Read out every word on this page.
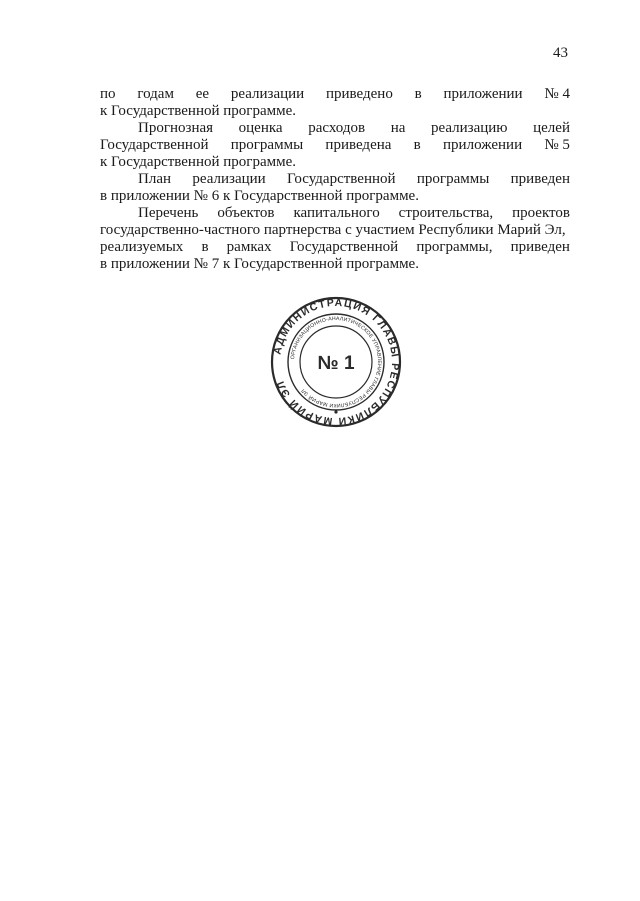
43
по годам ее реализации приведено в приложении № 4
к Государственной программе.
Прогнозная оценка расходов на реализацию целей
Государственной программы приведена в приложении № 5
к Государственной программе.
План реализации Государственной программы приведен
в приложении № 6 к Государственной программе.
Перечень объектов капитального строительства, проектов
государственно-частного партнерства с участием Республики Марий Эл,
реализуемых в рамках Государственной программы, приведен
в приложении № 7 к Государственной программе.
АДМИНИСТРАЦИЯ ГЛАВЫ РЕСПУБЛИКИ МАРИЙ ЭЛ
ОРГАНИЗАЦИОННО-АНАЛИТИЧЕСКОЕ УПРАВЛЕНИЕ ГЛАВЫ РЕСПУБЛИКИ МАРИЙ ЭЛ
№ 1
